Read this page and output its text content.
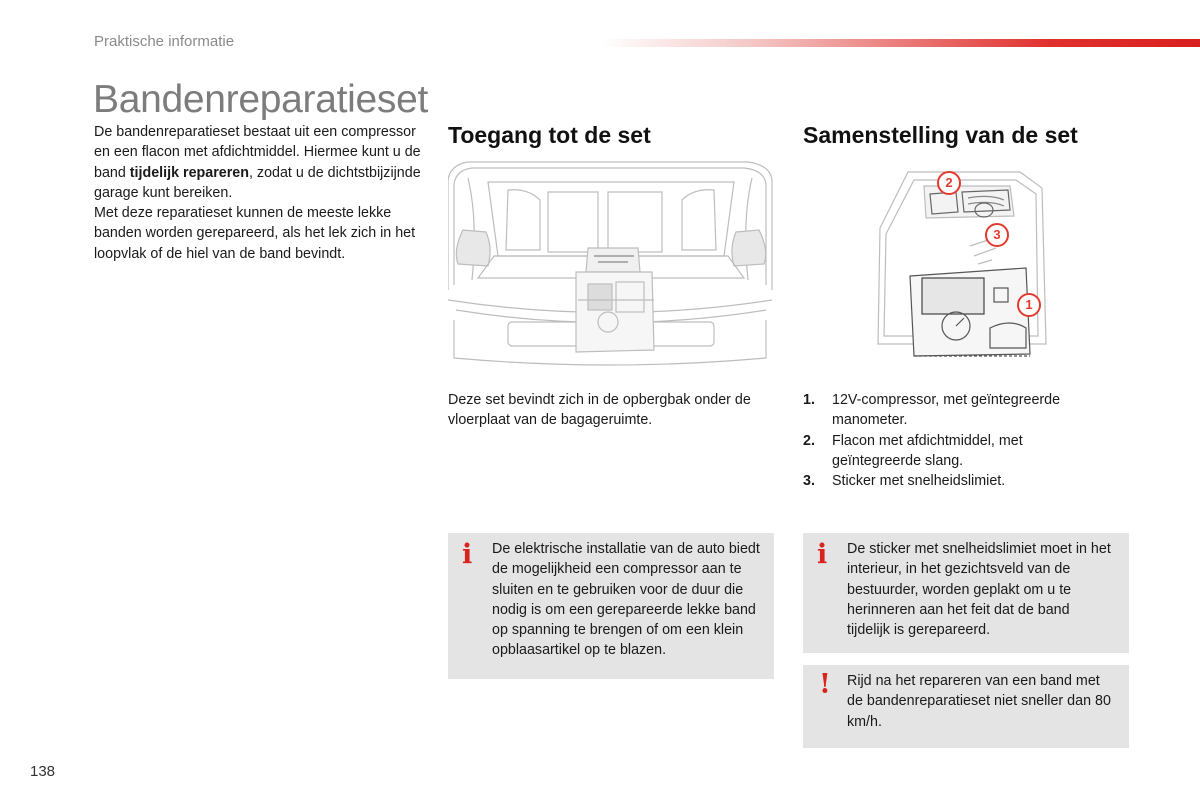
Praktische informatie
Bandenreparatieset

De bandenreparatieset bestaat uit een compressor en een flacon met afdichtmiddel. Hiermee kunt u de band tijdelijk repareren, zodat u de dichtstbijzijnde garage kunt bereiken.

Met deze reparatieset kunnen de meeste lekke banden worden gerepareerd, als het lek zich in het loopvlak of de hiel van de band bevindt.

Toegang tot de set
Deze set bevindt zich in de opbergbak onder de vloerplaat van de bagageruimte.
Samenstelling van de set
2
3
1
1.	12V-compressor, met geïntegreerde manometer.
2.	Flacon met afdichtmiddel, met geïntegreerde slang.
3.	Sticker met snelheidslimiet.
i De elektrische installatie van de auto biedt de mogelijkheid een compressor aan te sluiten en te gebruiken voor de duur die nodig is om een gerepareerde lekke band op spanning te brengen of om een klein opblaasartikel op te blazen.
i De sticker met snelheidslimiet moet in het interieur, in het gezichtsveld van de bestuurder, worden geplakt om u te herinneren aan het feit dat de band tijdelijk is gerepareerd.
! Rijd na het repareren van een band met de bandenreparatieset niet sneller dan 80 km/h.
138
